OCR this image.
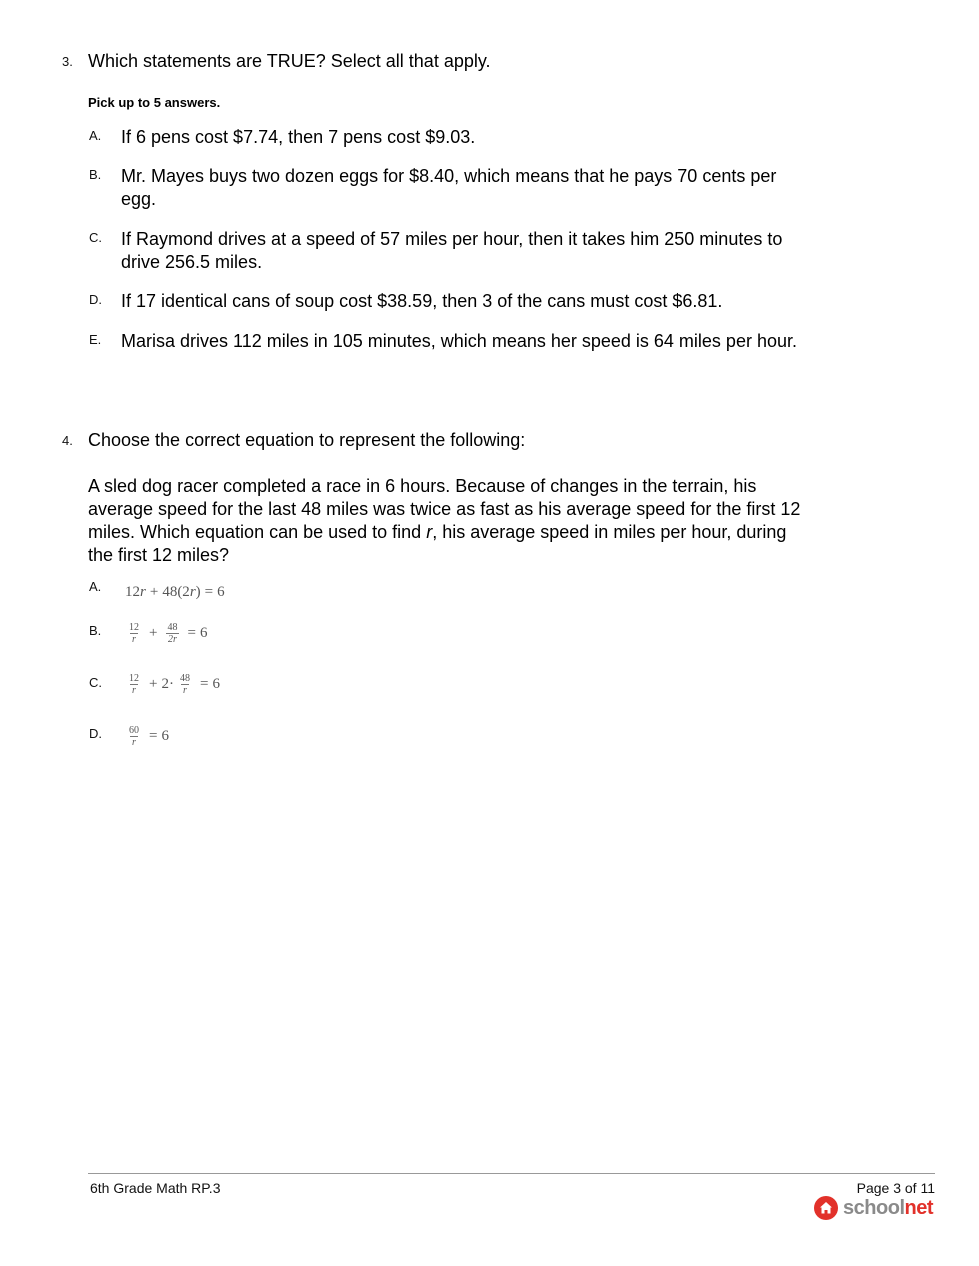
3. Which statements are TRUE? Select all that apply.
Pick up to 5 answers.
A. If 6 pens cost $7.74, then 7 pens cost $9.03.
B. Mr. Mayes buys two dozen eggs for $8.40, which means that he pays 70 cents per egg.
C. If Raymond drives at a speed of 57 miles per hour, then it takes him 250 minutes to drive 256.5 miles.
D. If 17 identical cans of soup cost $38.59, then 3 of the cans must cost $6.81.
E. Marisa drives 112 miles in 105 minutes, which means her speed is 64 miles per hour.
4. Choose the correct equation to represent the following:
A sled dog racer completed a race in 6 hours. Because of changes in the terrain, his average speed for the last 48 miles was twice as fast as his average speed for the first 12 miles. Which equation can be used to find r, his average speed in miles per hour, during the first 12 miles?
A. 12 r + 48(2 r ) = 6
B.	$\frac{12}{r} + \frac{48}{2r} = 6$
C.	$\frac{12}{r} + 2\cdot \frac{48}{r} = 6$
D.	$\frac{60}{r} = 6$
6th Grade Math RP.3	Page 3 of 11
schoolnet
